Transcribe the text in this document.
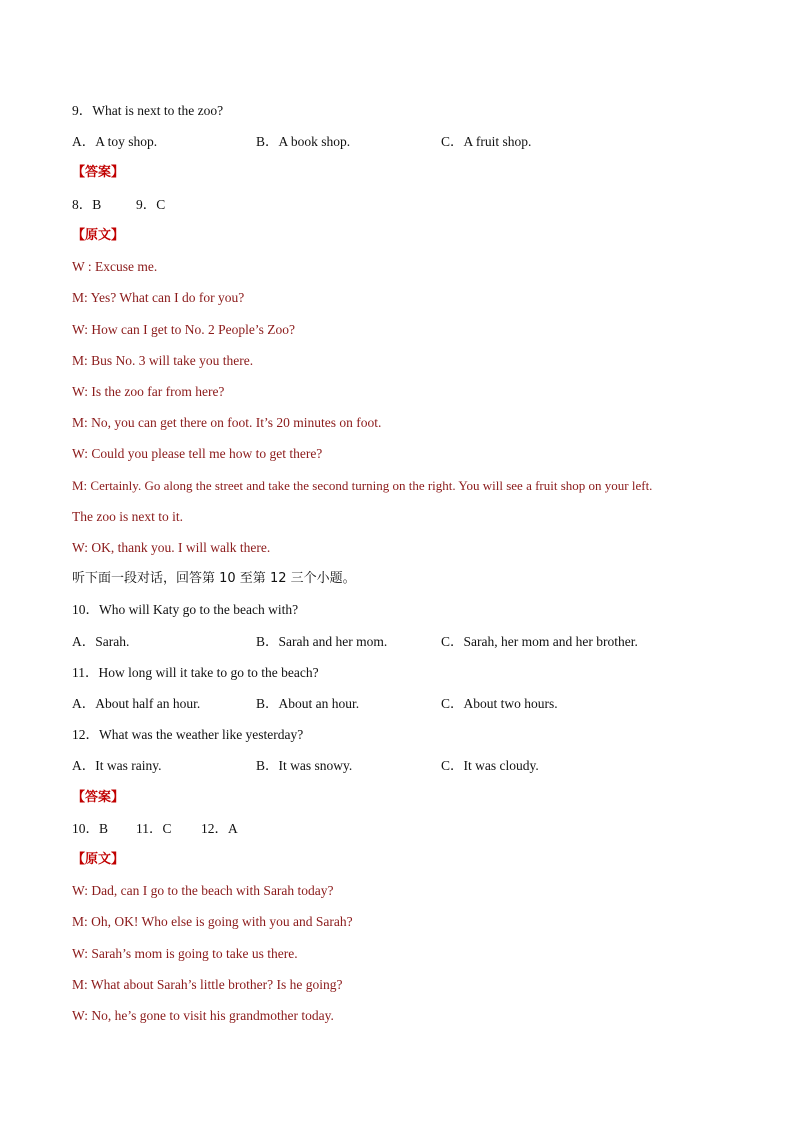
9．What is next to the zoo?
A．A toy shop.	B．A book shop.	C．A fruit shop.
【答案】
8．B	9．C
【原文】
W : Excuse me.
M: Yes? What can I do for you?
W: How can I get to No. 2 People’s Zoo?
M: Bus No. 3 will take you there.
W: Is the zoo far from here?
M: No, you can get there on foot. It’s 20 minutes on foot.
W: Could you please tell me how to get there?
M: Certainly. Go along the street and take the second turning on the right. You will see a fruit shop on your left.
The zoo is next to it.
W: OK, thank you. I will walk there.
听下面一段对话，回答第 10 至第 12 三个小题。
10．Who will Katy go to the beach with?
A．Sarah.	B．Sarah and her mom.	C．Sarah, her mom and her brother.
11．How long will it take to go to the beach?
A．About half an hour.	B．About an hour.	C．About two hours.
12．What was the weather like yesterday?
A．It was rainy.	B．It was snowy.	C．It was cloudy.
【答案】
10．B 11．C 12．A
【原文】
W: Dad, can I go to the beach with Sarah today?
M: Oh, OK! Who else is going with you and Sarah?
W: Sarah’s mom is going to take us there.
M: What about Sarah’s little brother? Is he going?
W: No, he’s gone to visit his grandmother today.
